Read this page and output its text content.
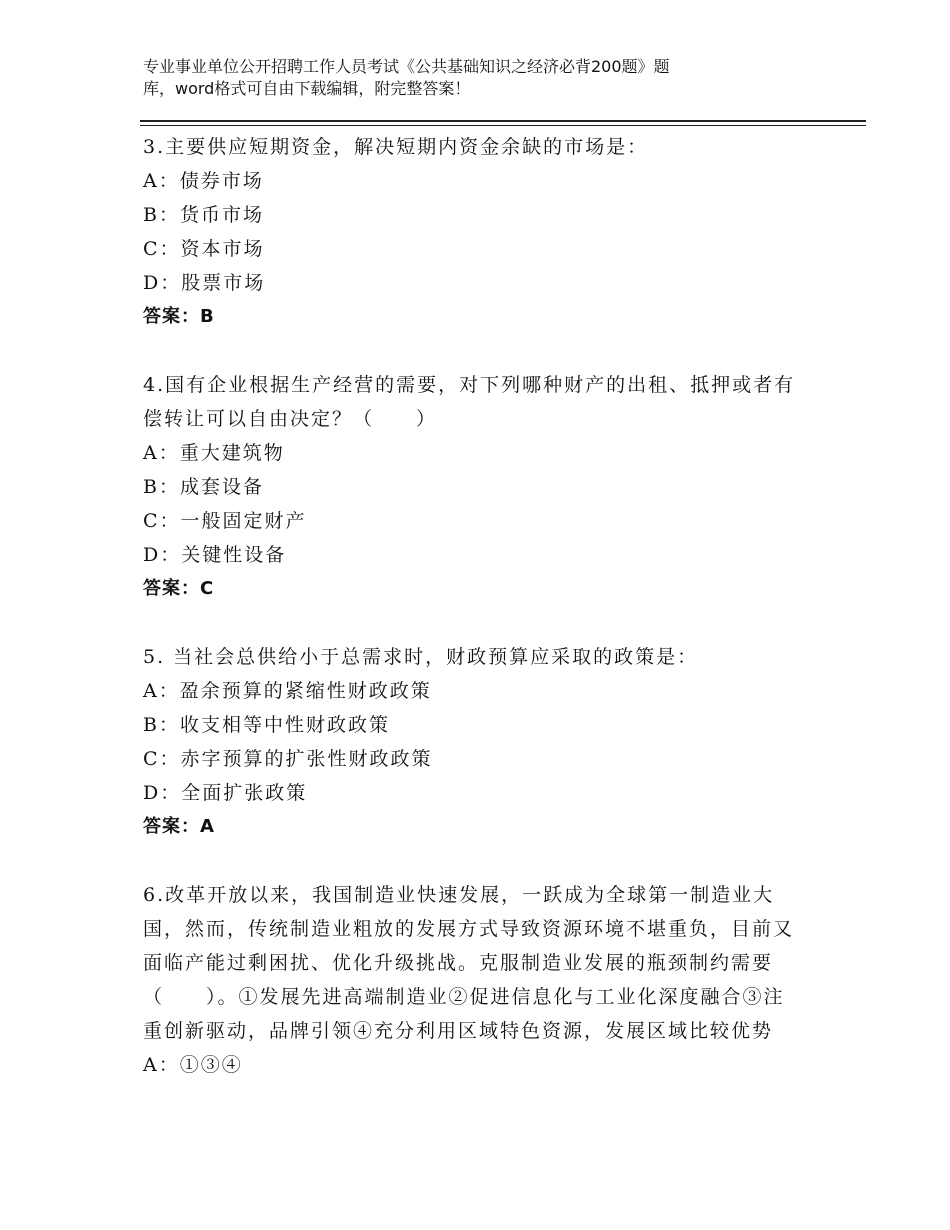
专业事业单位公开招聘工作人员考试《公共基础知识之经济必背200题》题
库，word格式可自由下载编辑，附完整答案！
3.主要供应短期资金，解决短期内资金余缺的市场是：
A：债券市场
B：货币市场
C：资本市场
D：股票市场
答案：B
4.国有企业根据生产经营的需要，对下列哪种财产的出租、抵押或者有偿转让可以自由决定？（　　）
A：重大建筑物
B：成套设备
C：一般固定财产
D：关键性设备
答案：C
5. 当社会总供给小于总需求时，财政预算应采取的政策是：
A：盈余预算的紧缩性财政政策
B：收支相等中性财政政策
C：赤字预算的扩张性财政政策
D：全面扩张政策
答案：A
6.改革开放以来，我国制造业快速发展，一跃成为全球第一制造业大国，然而，传统制造业粗放的发展方式导致资源环境不堪重负，目前又面临产能过剩困扰、优化升级挑战。克服制造业发展的瓶颈制约需要（　　）。①发展先进高端制造业②促进信息化与工业化深度融合③注重创新驱动，品牌引领④充分利用区域特色资源，发展区域比较优势
A：①③④
